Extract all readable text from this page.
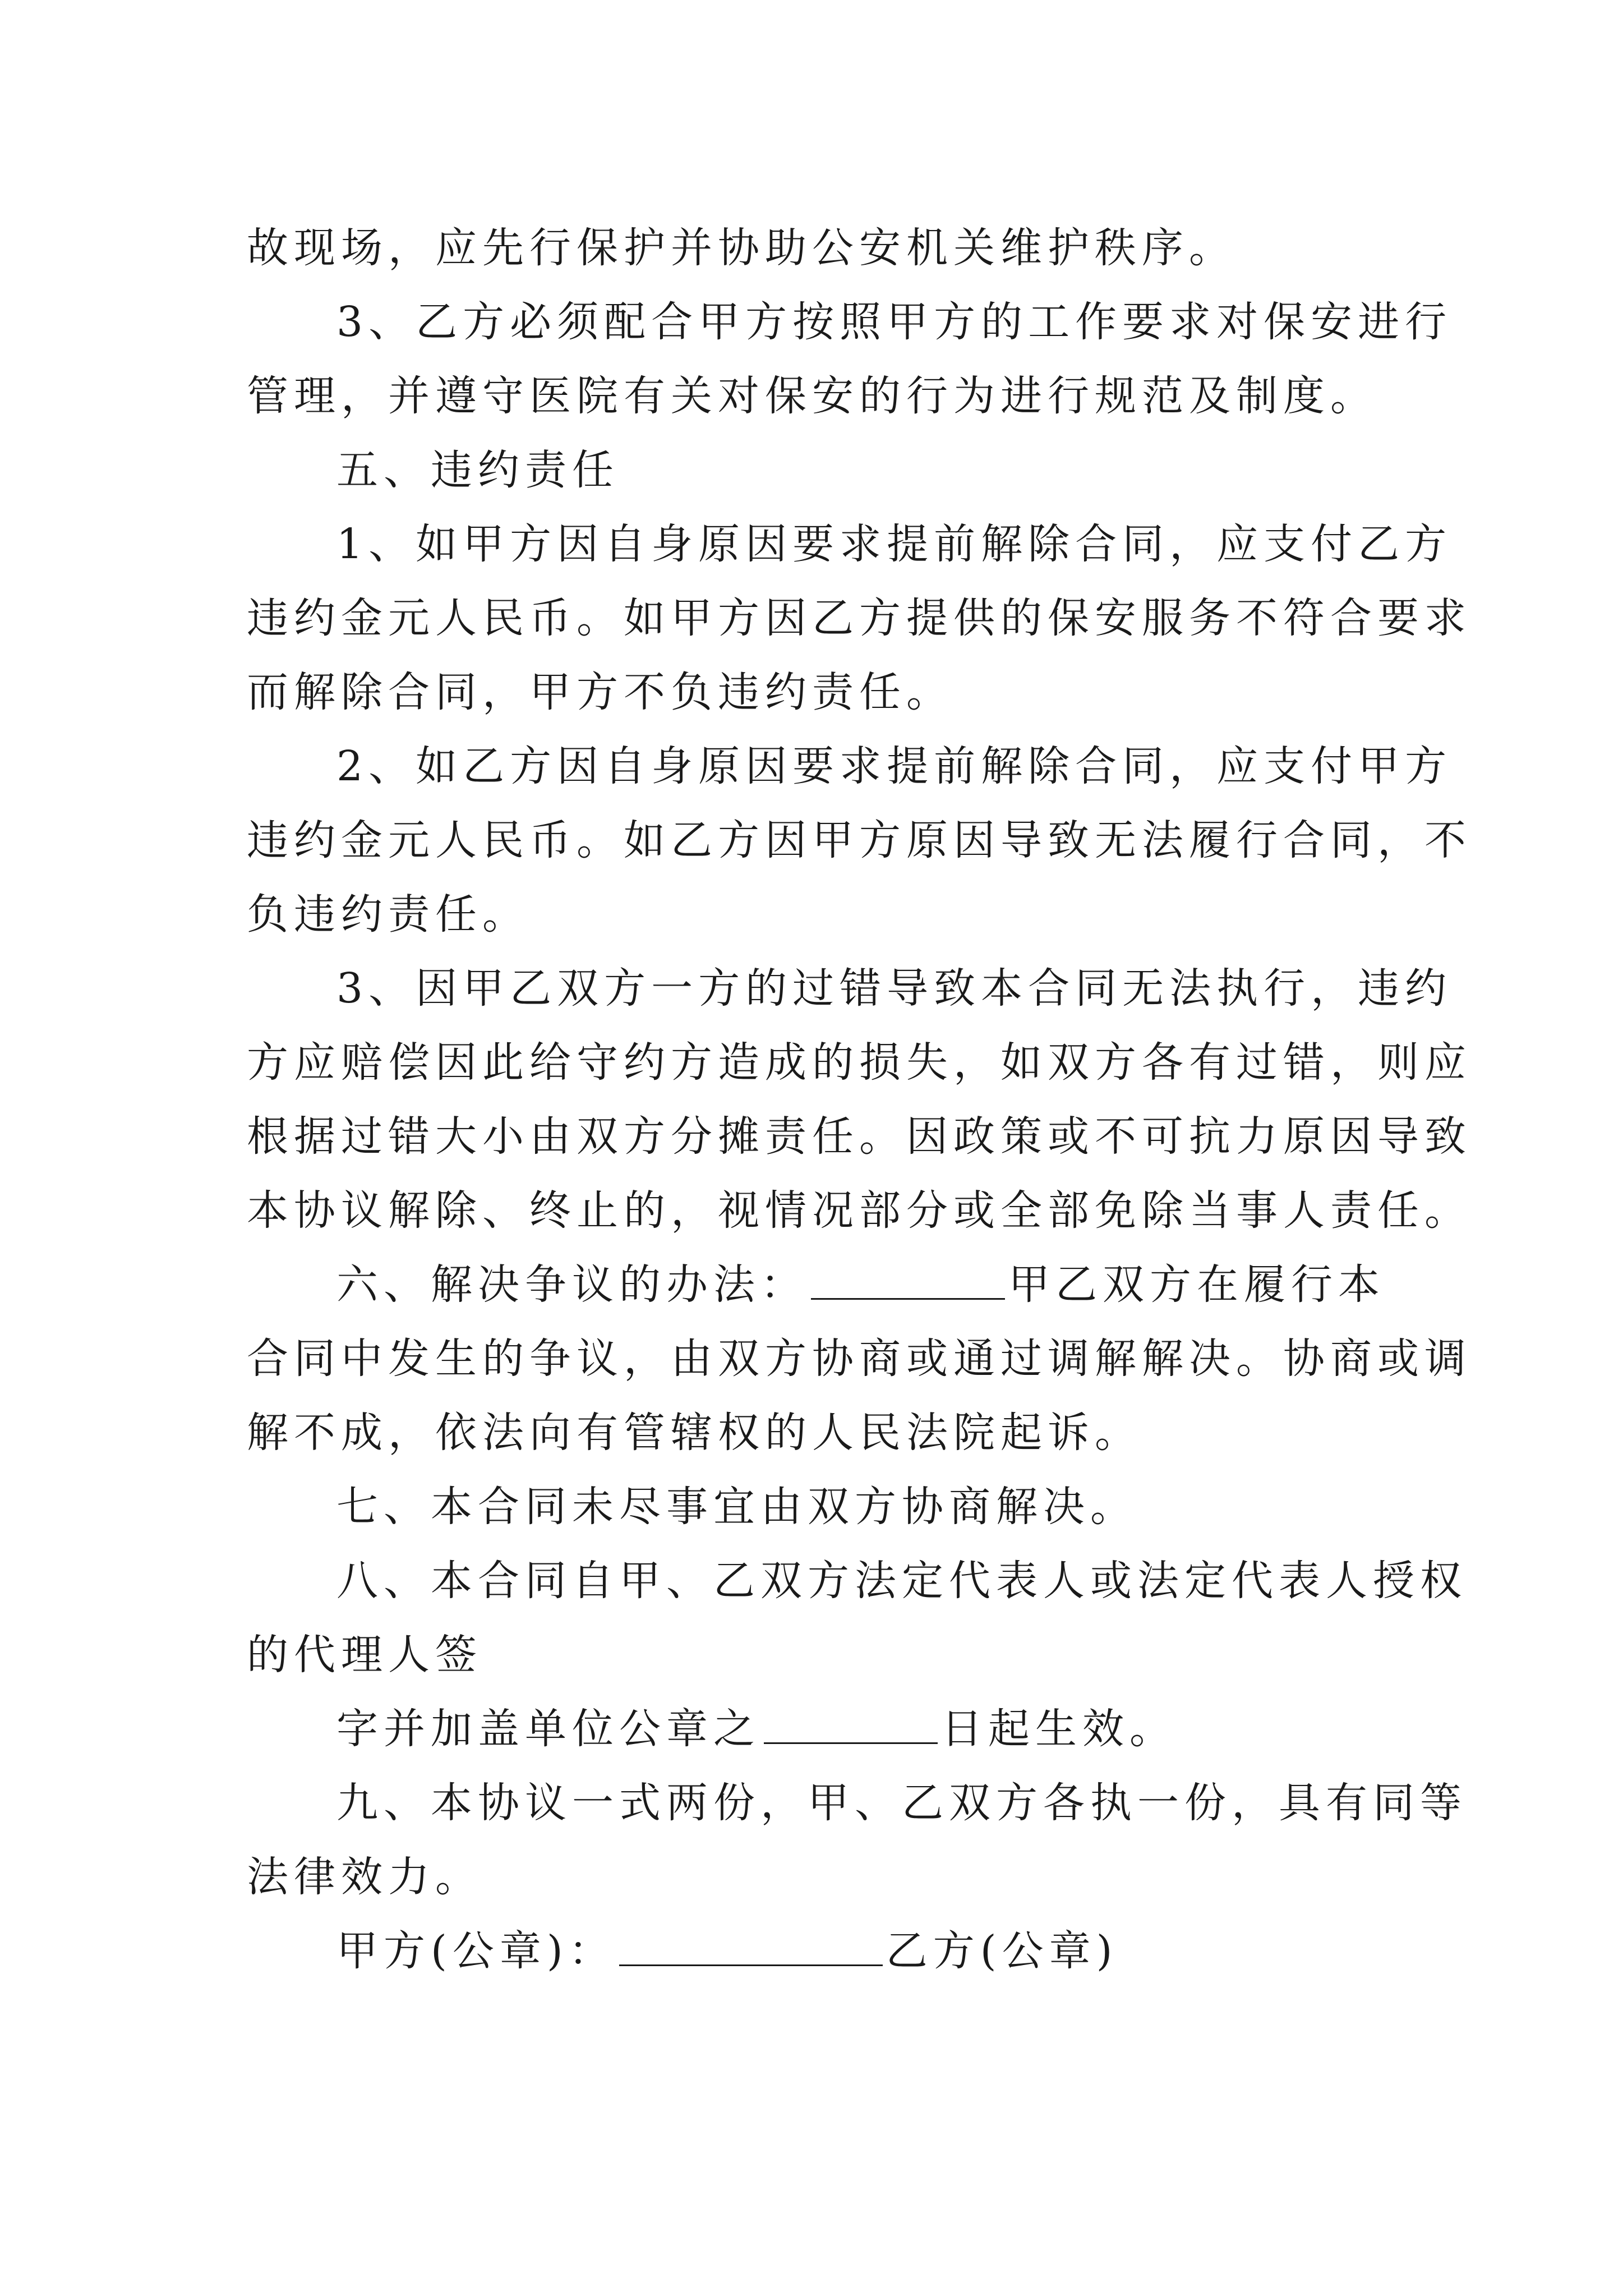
故现场，应先行保护并协助公安机关维护秩序。
3、乙方必须配合甲方按照甲方的工作要求对保安进行
管理，并遵守医院有关对保安的行为进行规范及制度。
五、违约责任
1、如甲方因自身原因要求提前解除合同，应支付乙方
违约金元人民币。如甲方因乙方提供的保安服务不符合要求
而解除合同，甲方不负违约责任。
2、如乙方因自身原因要求提前解除合同，应支付甲方
违约金元人民币。如乙方因甲方原因导致无法履行合同，不
负违约责任。
3、因甲乙双方一方的过错导致本合同无法执行，违约
方应赔偿因此给守约方造成的损失，如双方各有过错，则应
根据过错大小由双方分摊责任。因政策或不可抗力原因导致
本协议解除、终止的，视情况部分或全部免除当事人责任。
六、解决争议的办法：	甲乙双方在履行本
合同中发生的争议，由双方协商或通过调解解决。协商或调
解不成，依法向有管辖权的人民法院起诉。
七、本合同未尽事宜由双方协商解决。
八、本合同自甲、乙双方法定代表人或法定代表人授权
的代理人签
字并加盖单位公章之	日起生效。
九、本协议一式两份，甲、乙双方各执一份，具有同等
法律效力。
甲方(公章)：	乙方(公章)
